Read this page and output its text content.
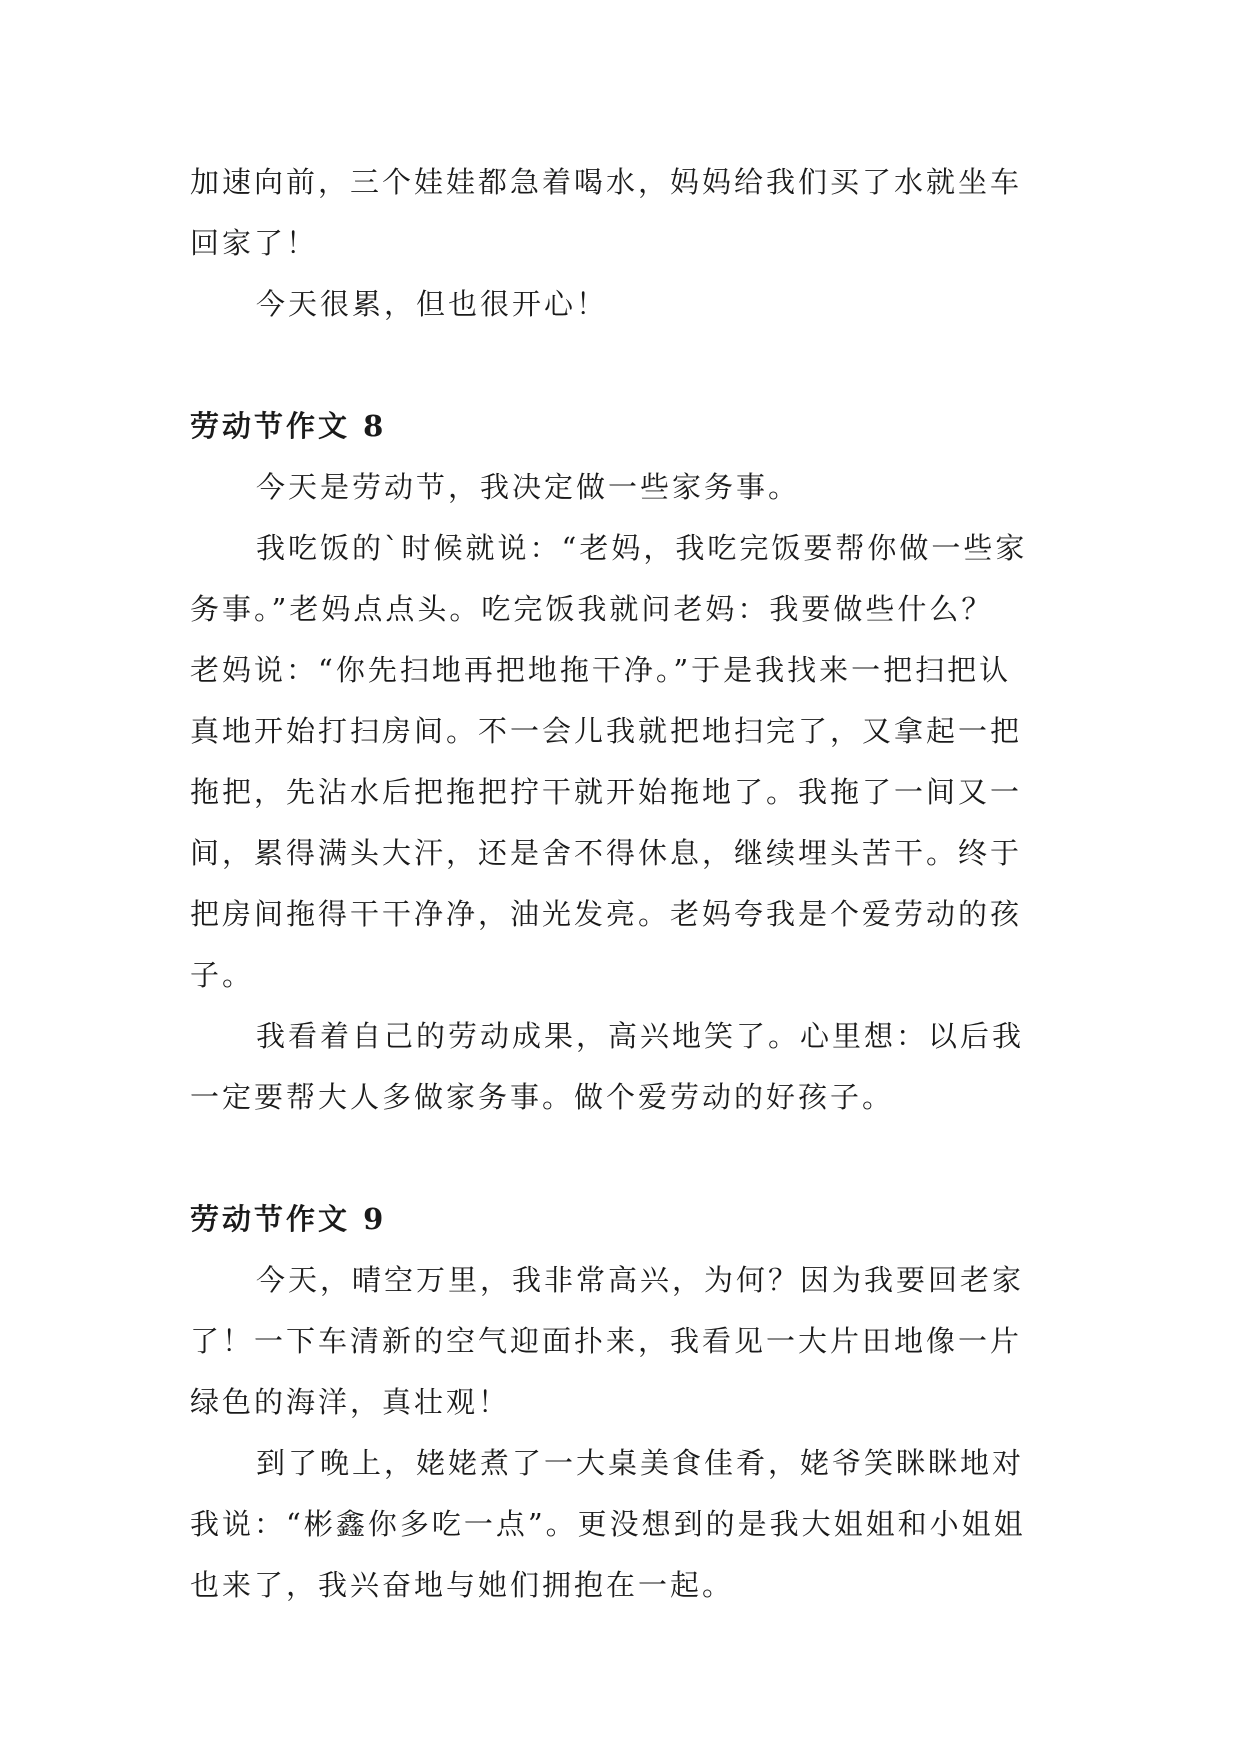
加速向前，三个娃娃都急着喝水，妈妈给我们买了水就坐车
回家了！

今天很累，但也很开心！

劳动节作文 8

今天是劳动节，我决定做一些家务事。

我吃饭的`时候就说：“老妈，我吃完饭要帮你做一些家
务事。”老妈点点头。吃完饭我就问老妈：我要做些什么？
老妈说：“你先扫地再把地拖干净。”于是我找来一把扫把认
真地开始打扫房间。不一会儿我就把地扫完了，又拿起一把
拖把，先沾水后把拖把拧干就开始拖地了。我拖了一间又一
间，累得满头大汗，还是舍不得休息，继续埋头苦干。终于
把房间拖得干干净净，油光发亮。老妈夸我是个爱劳动的孩
子。

我看着自己的劳动成果，高兴地笑了。心里想：以后我
一定要帮大人多做家务事。做个爱劳动的好孩子。

劳动节作文 9

今天，晴空万里，我非常高兴，为何？因为我要回老家
了！一下车清新的空气迎面扑来，我看见一大片田地像一片
绿色的海洋，真壮观！

到了晚上，姥姥煮了一大桌美食佳肴，姥爷笑眯眯地对
我说：“彬鑫你多吃一点”。更没想到的是我大姐姐和小姐姐
也来了，我兴奋地与她们拥抱在一起。
